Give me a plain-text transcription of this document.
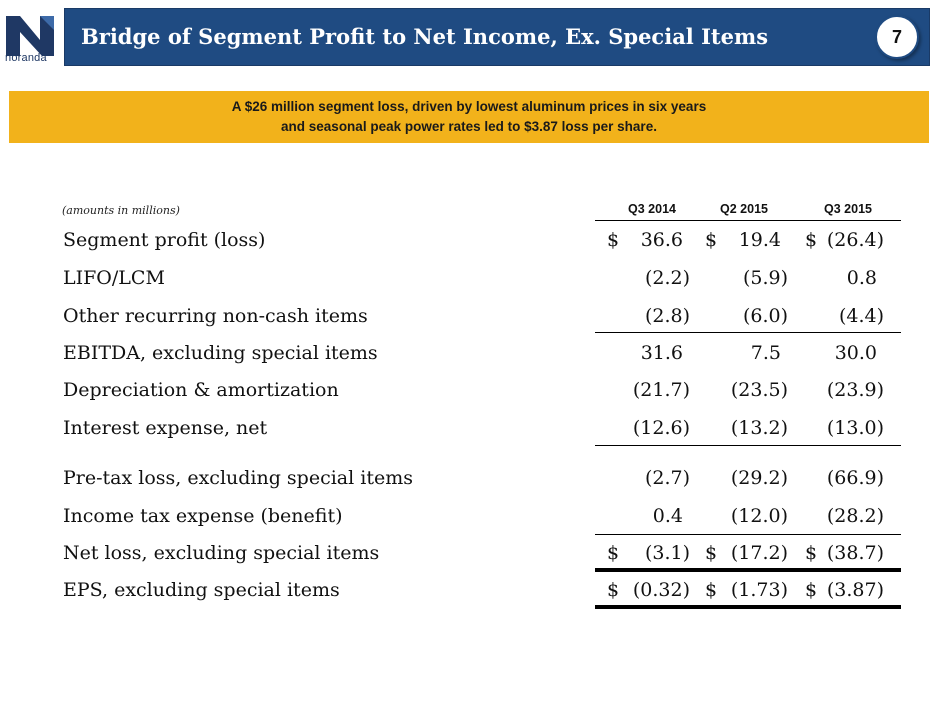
noranda
Bridge of Segment Profit to Net Income, Ex. Special Items	7
A $26 million segment loss, driven by lowest aluminum prices in six years
and seasonal peak power rates led to $3.87 loss per share.
(amounts in millions)	Q3 2014	Q2 2015	Q3 2015
Segment profit (loss)	$	36.6 $	19.4 $ (26.4)
LIFO/LCM	(2.2)	(5.9)	0.8
Other recurring non-cash items	(2.8)	(6.0)	(4.4)
EBITDA, excluding special items	31.6	7.5	30.0
Depreciation & amortization	(21.7)	(23.5)	(23.9)
Interest expense, net	(12.6)	(13.2)	(13.0)
Pre-tax loss, excluding special items	(2.7)	(29.2)	(66.9)
Income tax expense (benefit)	0.4	(12.0)	(28.2)
Net loss, excluding special items	$	(3.1) $ (17.2) $ (38.7)
EPS, excluding special items	$ (0.32) $ (1.73) $ (3.87)
